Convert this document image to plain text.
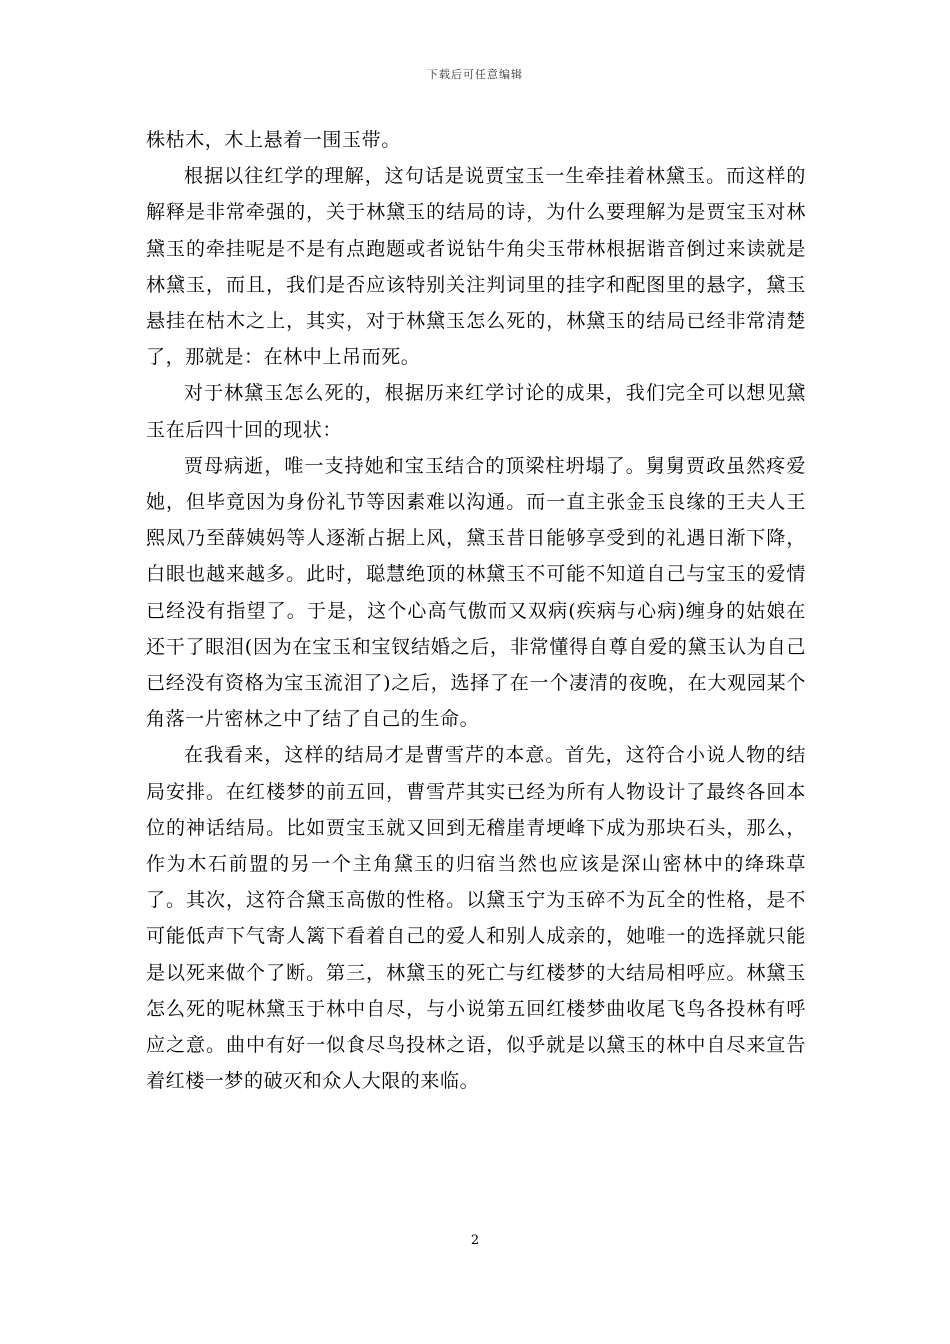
下载后可任意编辑

株枯木，木上悬着一围玉带。

根据以往红学的理解，这句话是说贾宝玉一生牵挂着林黛玉。而这样的解释是非常牵强的，关于林黛玉的结局的诗，为什么要理解为是贾宝玉对林黛玉的牵挂呢是不是有点跑题或者说钻牛角尖玉带林根据谐音倒过来读就是林黛玉，而且，我们是否应该特别关注判词里的挂字和配图里的悬字，黛玉悬挂在枯木之上，其实，对于林黛玉怎么死的，林黛玉的结局已经非常清楚了，那就是：在林中上吊而死。

对于林黛玉怎么死的，根据历来红学讨论的成果，我们完全可以想见黛玉在后四十回的现状：

贾母病逝，唯一支持她和宝玉结合的顶梁柱坍塌了。舅舅贾政虽然疼爱她，但毕竟因为身份礼节等因素难以沟通。而一直主张金玉良缘的王夫人王熙凤乃至薛姨妈等人逐渐占据上风，黛玉昔日能够享受到的礼遇日渐下降，白眼也越来越多。此时，聪慧绝顶的林黛玉不可能不知道自己与宝玉的爱情已经没有指望了。于是，这个心高气傲而又双病(疾病与心病)缠身的姑娘在还干了眼泪(因为在宝玉和宝钗结婚之后，非常懂得自尊自爱的黛玉认为自己已经没有资格为宝玉流泪了)之后，选择了在一个凄清的夜晚，在大观园某个角落一片密林之中了结了自己的生命。

在我看来，这样的结局才是曹雪芹的本意。首先，这符合小说人物的结局安排。在红楼梦的前五回，曹雪芹其实已经为所有人物设计了最终各回本位的神话结局。比如贾宝玉就又回到无稽崖青埂峰下成为那块石头，那么，作为木石前盟的另一个主角黛玉的归宿当然也应该是深山密林中的绛珠草了。其次，这符合黛玉高傲的性格。以黛玉宁为玉碎不为瓦全的性格，是不可能低声下气寄人篱下看着自己的爱人和别人成亲的，她唯一的选择就只能是以死来做个了断。第三，林黛玉的死亡与红楼梦的大结局相呼应。林黛玉怎么死的呢林黛玉于林中自尽，与小说第五回红楼梦曲收尾飞鸟各投林有呼应之意。曲中有好一似食尽鸟投林之语，似乎就是以黛玉的林中自尽来宣告着红楼一梦的破灭和众人大限的来临。

2
